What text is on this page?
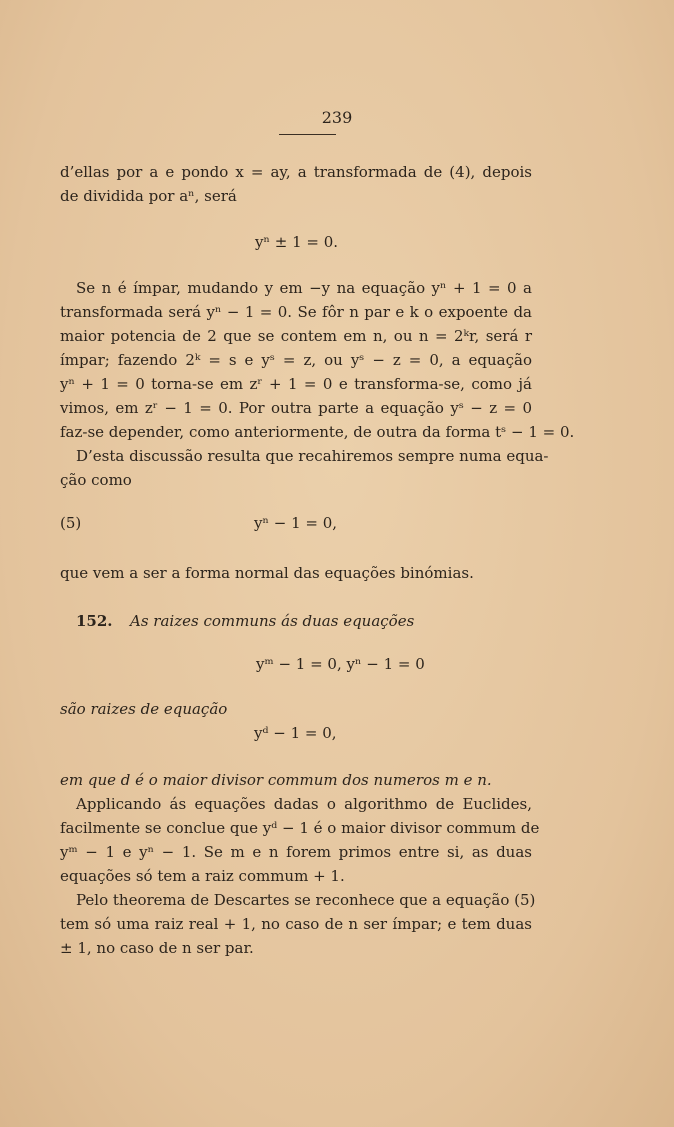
239
d’ellas por a e pondo x = ay, a transformada de (4), depois
de dividida por aⁿ, será
yⁿ ± 1 = 0.
Se n é ímpar, mudando y em −y na equação yⁿ + 1 = 0 a
transformada será yⁿ − 1 = 0. Se fôr n par e k o expoente da
maior potencia de 2 que se contem em n, ou n = 2ᵏr, será r
ímpar; fazendo 2ᵏ = s e yˢ = z, ou yˢ − z = 0, a equação
yⁿ + 1 = 0 torna-se em zʳ + 1 = 0 e transforma-se, como já
vimos, em zʳ − 1 = 0. Por outra parte a equação yˢ − z = 0
faz-se depender, como anteriormente, de outra da forma tˢ − 1 = 0.
D’esta discussão resulta que recahiremos sempre numa equa-
ção como
(5)	yⁿ − 1 = 0,
que vem a ser a forma normal das equações binómias.
152. As raizes communs ás duas equações
yᵐ − 1 = 0, yⁿ − 1 = 0
são raizes de equação
yᵈ − 1 = 0,
em que d é o maior divisor commum dos numeros m e n.
Applicando ás equações dadas o algorithmo de Euclides,
facilmente se conclue que yᵈ − 1 é o maior divisor commum de
yᵐ − 1 e yⁿ − 1. Se m e n forem primos entre si, as duas
equações só tem a raiz commum + 1.
Pelo theorema de Descartes se reconhece que a equação (5)
tem só uma raiz real + 1, no caso de n ser ímpar; e tem duas
± 1, no caso de n ser par.
